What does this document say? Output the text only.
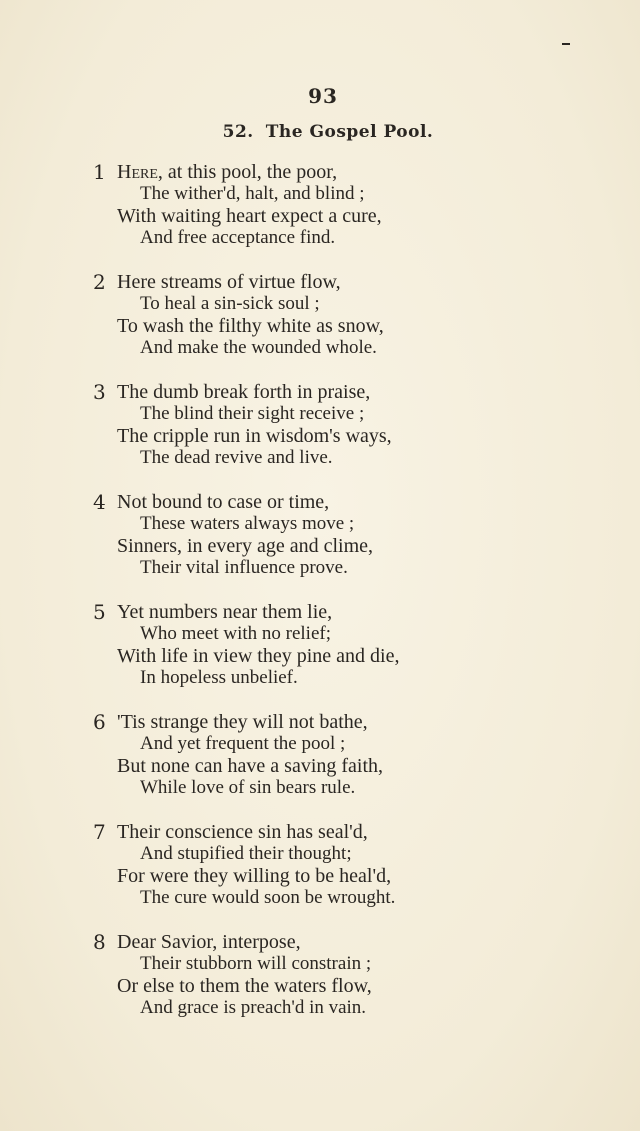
93
52. The Gospel Pool.
1 Here, at this pool, the poor,
The wither'd, halt, and blind ;
With waiting heart expect a cure,
And free acceptance find.
2 Here streams of virtue flow,
To heal a sin-sick soul ;
To wash the filthy white as snow,
And make the wounded whole.
3 The dumb break forth in praise,
The blind their sight receive ;
The cripple run in wisdom's ways,
The dead revive and live.
4 Not bound to case or time,
These waters always move ;
Sinners, in every age and clime,
Their vital influence prove.
5 Yet numbers near them lie,
Who meet with no relief;
With life in view they pine and die,
In hopeless unbelief.
6 'Tis strange they will not bathe,
And yet frequent the pool ;
But none can have a saving faith,
While love of sin bears rule.
7 Their conscience sin has seal'd,
And stupified their thought;
For were they willing to be heal'd,
The cure would soon be wrought.
8 Dear Savior, interpose,
Their stubborn will constrain ;
Or else to them the waters flow,
And grace is preach'd in vain.
